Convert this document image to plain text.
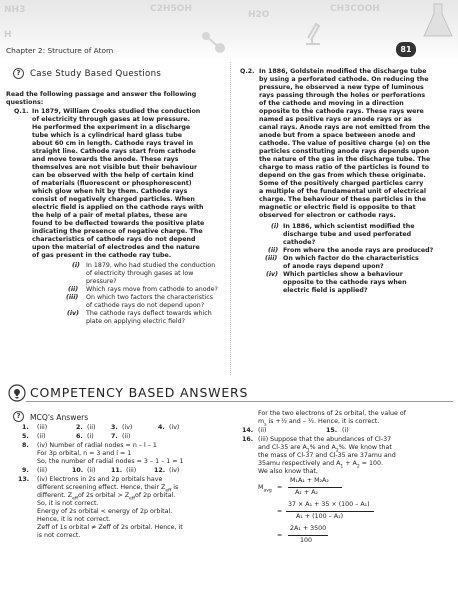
NH3	C2H5OH
H2O
CH3COOH
H
Chapter 2: Structure of Atom	81
?	Case Study Based Questions
Read the following passage and answer the following
questions:
Q.1. In 1879, William Crooks studied the conduction
of electricity through gases at low pressure.
He performed the experiment in a discharge
tube which is a cylindrical hard glass tube
about 60 cm in length. Cathode rays travel in
straight line. Cathode rays start from cathode
and move towards the anode. These rays
themselves are not visible but their behaviour
can be observed with the help of certain kind
of materials (fluorescent or phosphorescent)
which glow when hit by them. Cathode rays
consist of negatively charged particles. When
electric field is applied on the cathode rays with
the help of a pair of metal plates, these are
found to be deflected towards the positive plate
indicating the presence of negative charge. The
characteristics of cathode rays do not depend
upon the material of electrodes and the nature
of gas present in the cathode ray tube.
(i) In 1879, who had studied the conduction
of electricity through gases at low
pressure?
(ii) Which rays move from cathode to anode?
(iii) On which two factors the characteristics
of cathode rays do not depend upon?
(iv) The cathode rays deflect towards which
plate on applying electric field?
Q.2. In 1886, Goldstein modified the discharge tube
by using a perforated cathode. On reducing the
pressure, he observed a new type of luminous
rays passing through the holes or perforations
of the cathode and moving in a direction
opposite to the cathode rays. These rays were
named as positive rays or anode rays or as
canal rays. Anode rays are not emitted from the
anode but from a space between anode and
cathode. The value of positive charge (e) on the
particles constituting anode rays depends upon
the nature of the gas in the discharge tube. The
charge to mass ratio of the particles is found to
depend on the gas from which these originate.
Some of the positively charged particles carry
a multiple of the fundamental unit of electrical
charge. The behaviour of these particles in the
magnetic or electric field is opposite to that
observed for electron or cathode rays.
(i) In 1886, which scientist modified the
discharge tube and used perforated
cathode?
(ii) From where the anode rays are produced?
(iii) On which factor do the characteristics
of anode rays depend upon?
(iv) Which particles show a behaviour
opposite to the cathode rays when
electric field is applied?
COMPETENCY BASED ANSWERS
?	MCQ's Answers
1. (iii)	2. (ii) 3. (iv)	4. (iv)
5. (ii)	6. (i)	7. (ii)
8. (iv) Number of radial nodes = n – l – 1
For 3p orbital, n = 3 and l = 1
So, the number of radial nodes = 3 – 1 – 1 = 1
9. (iii)	10. (ii) 11. (iii)	12. (iv)
13. (iv) Electrons in 2s and 2p orbitals have
different screening effect. Hence, their $Z_{eff}$ is
different. $Z_{eff}of$ 2s orbital > $Z_{eff}of$ 2p orbital.
So, it is not correct.
Energy of 2s orbital < energy of 2p orbital.
Hence, it is not correct.
Zeff of 1s orbital ≠ Zeff of 2s orbital. Hence, it
is not correct.
For the two electrons of 2s orbital, the value of
$m_s$ is +½ and – ½. Hence, it is correct.
14. (ii)	15. (i)
16. (iii) Suppose that the abundances of Cl-37
and Cl-35 are $A_1\%$ and $A_2\%$. We know that
the mass of Cl-37 and Cl-35 are 37amu and
35amu respectively and $A_1 + A_2 = 100$.
We also know that,
$M_{avg}$ =
M₁A₁ + M₂A₂
A₁ + A₂
=
37 × A₁ + 35 × (100 – A₁)
A₁ + (100 – A₁)
=
2A₁ + 3500
100
